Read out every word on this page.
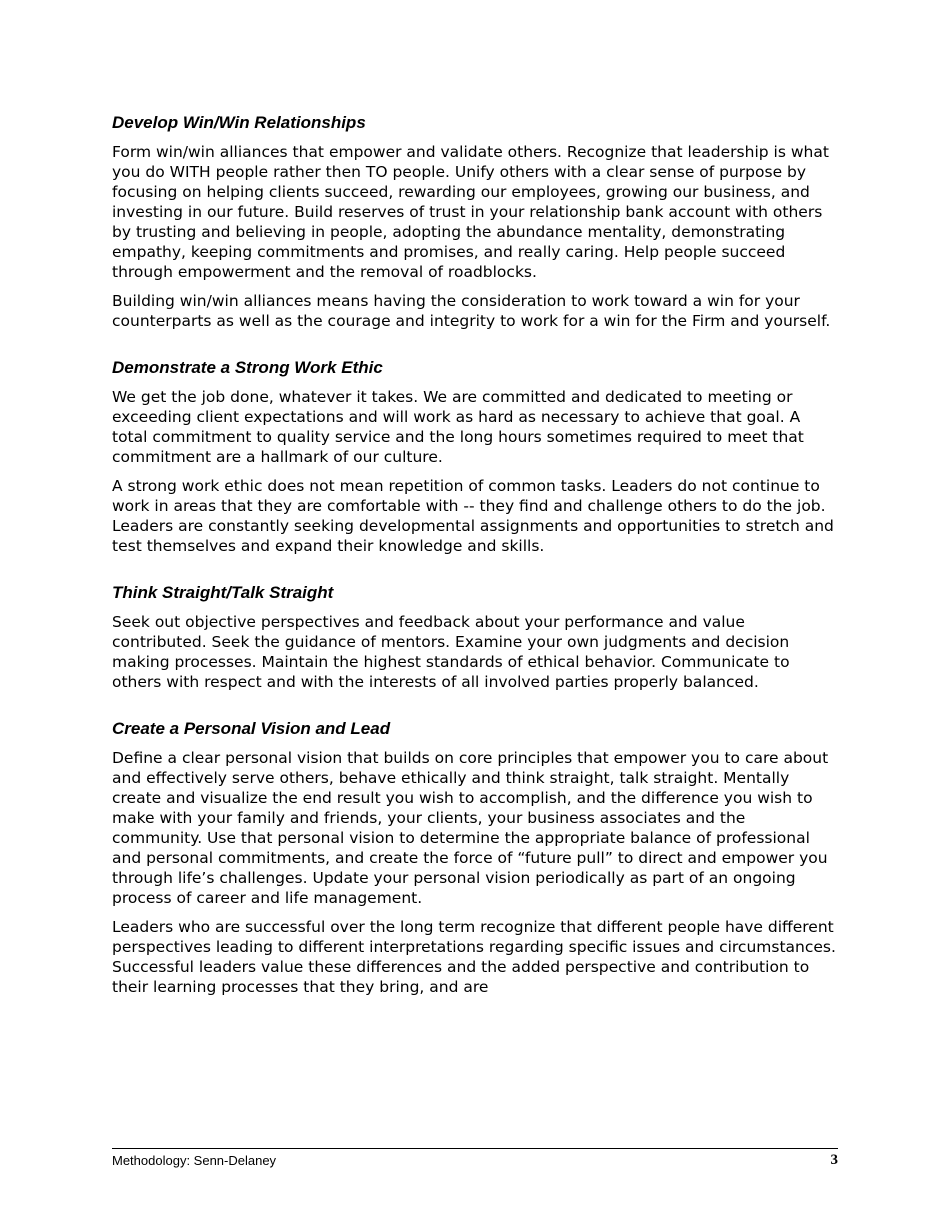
Develop Win/Win Relationships

Form win/win alliances that empower and validate others. Recognize that leadership is what you do WITH people rather then TO people. Unify others with a clear sense of purpose by focusing on helping clients succeed, rewarding our employees, growing our business, and investing in our future. Build reserves of trust in your relationship bank account with others by trusting and believing in people, adopting the abundance mentality, demonstrating empathy, keeping commitments and promises, and really caring. Help people succeed through empowerment and the removal of roadblocks.

Building win/win alliances means having the consideration to work toward a win for your counterparts as well as the courage and integrity to work for a win for the Firm and yourself.

Demonstrate a Strong Work Ethic

We get the job done, whatever it takes. We are committed and dedicated to meeting or exceeding client expectations and will work as hard as necessary to achieve that goal. A total commitment to quality service and the long hours sometimes required to meet that commitment are a hallmark of our culture.

A strong work ethic does not mean repetition of common tasks. Leaders do not continue to work in areas that they are comfortable with -- they find and challenge others to do the job. Leaders are constantly seeking developmental assignments and opportunities to stretch and test themselves and expand their knowledge and skills.

Think Straight/Talk Straight

Seek out objective perspectives and feedback about your performance and value contributed. Seek the guidance of mentors. Examine your own judgments and decision making processes. Maintain the highest standards of ethical behavior. Communicate to others with respect and with the interests of all involved parties properly balanced.

Create a Personal Vision and Lead

Define a clear personal vision that builds on core principles that empower you to care about and effectively serve others, behave ethically and think straight, talk straight. Mentally create and visualize the end result you wish to accomplish, and the difference you wish to make with your family and friends, your clients, your business associates and the community. Use that personal vision to determine the appropriate balance of professional and personal commitments, and create the force of “future pull” to direct and empower you through life’s challenges. Update your personal vision periodically as part of an ongoing process of career and life management.

Leaders who are successful over the long term recognize that different people have different perspectives leading to different interpretations regarding specific issues and circumstances. Successful leaders value these differences and the added perspective and contribution to their learning processes that they bring, and are

Methodology: Senn-Delaney	3
